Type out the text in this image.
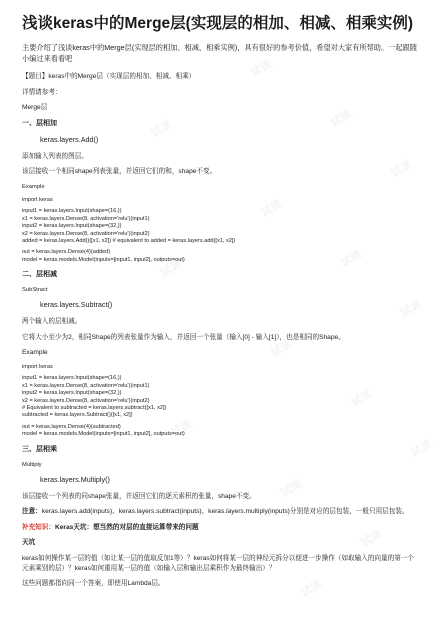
浅谈keras中的Merge层(实现层的相加、相减、相乘实例)
主要介绍了浅谈keras中的Merge层(实现层的相加、相减、相乘实例)，具有很好的参考价值，希望对大家有所帮助。一起跟随小编过来看看吧
【题目】keras中的Merge层（实现层的相加、相减、相乘）
详情请参考：
Merge层
一、层相加
keras.layers.Add()
添加输入列表的图层。
该层接收一个相同shape列表张量，并返回它们的和，shape不变。
Example
import keras
input1 = keras.layers.Input(shape=(16,))
x1 = keras.layers.Dense(8, activation='relu')(input1)
input2 = keras.layers.Input(shape=(32,))
x2 = keras.layers.Dense(8, activation='relu')(input2)
added = keras.layers.Add()([x1, x2]) # equivalent to added = keras.layers.add([x1, x2])
out = keras.layers.Dense(4)(added)
model = keras.models.Model(inputs=[input1, input2], outputs=out)
二、层相减
SubStract
keras.layers.Subtract()
两个输入的层相减。
它将大小至少为2，相同Shape的列表张量作为输入，并返回一个张量（输入[0] - 输入[1]），也是相同的Shape。
Example
import keras
input1 = keras.layers.Input(shape=(16,))
x1 = keras.layers.Dense(8, activation='relu')(input1)
input2 = keras.layers.Input(shape=(32,))
x2 = keras.layers.Dense(8, activation='relu')(input2)
# Equivalent to subtracted = keras.layers.subtract([x1, x2])
subtracted = keras.layers.Subtract()([x1, x2])
out = keras.layers.Dense(4)(subtracted)
model = keras.models.Model(inputs=[input1, input2], outputs=out)
三、层相乘
Multiply
keras.layers.Multiply()
该层接收一个列表的同shape张量，并返回它们的逐元素积的张量，shape不变。
注意：keras.layers.add(inputs)、keras.layers.subtract(inputs)、keras.layers.multiply(inputs)分别是对应的层包装，一般只用层包装。
补充知识：Keras天坑：想当然的对层的直接运算带来的问题
天坑
keras如何操作某一层的值（如让某一层的值取反加1等）？keras如何将某一层的神经元拆分以便进一步操作（如取输入的向量的第一个元素乘别的层）？keras如何重用某一层的值（如输入层和输出层乘积作为最终输出）？
这些问题都指向同一个答案，即使用Lambda层。
试读
试读
试读
试读
试读
试读
试读
试读
试读
试读
试读
试读
试读
试读
试读
